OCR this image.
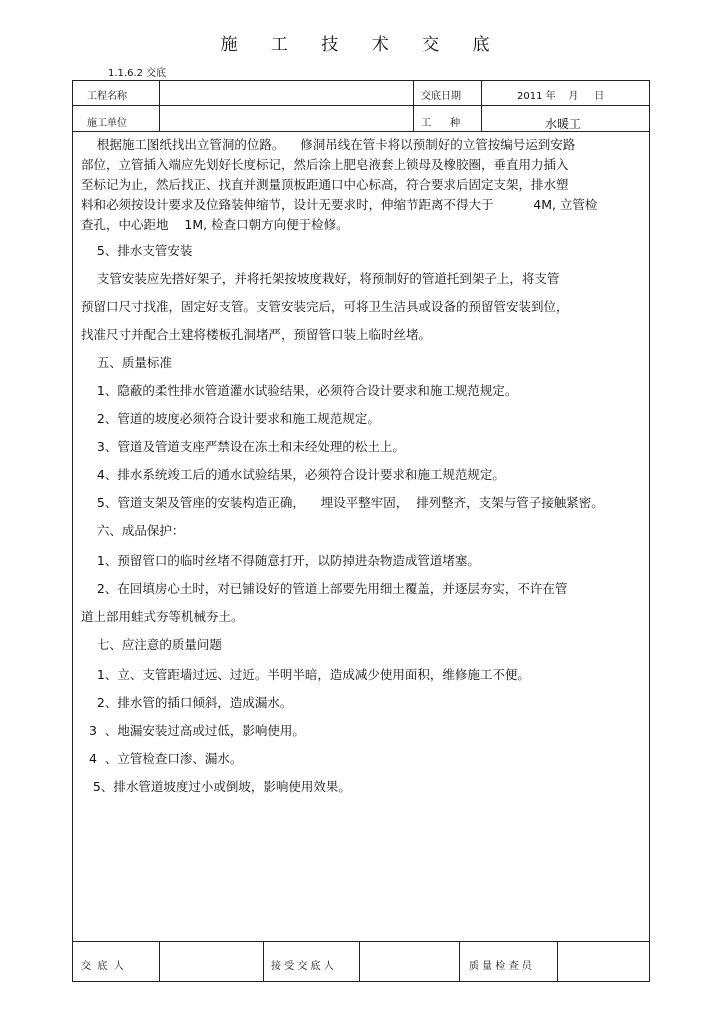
施 工 技 术 交 底
1.1.6.2 交底
工程名称	交底日期	2011 年    月     日
施工单位	工      种	水暖工
根据施工图纸找出立管洞的位路。    修洞吊线在管卡将以预制好的立管按编号运到安路
部位，立管插入端应先划好长度标记，然后涂上肥皂液套上锁母及橡胶圈，垂直用力插入
至标记为止，然后找正、找直并测量顶板距通口中心标高，符合要求后固定支架，排水塑
料和必须按设计要求及位臵装伸缩节，设计无要求时，伸缩节距离不得大于          4M, 立管检
查孔，中心距地    1M, 检查口朝方向便于检修。
5、排水支管安装
支管安装应先搭好架子，并将托架按坡度栽好，将预制好的管道托到架子上，将支管
预留口尺寸找准，固定好支管。支管安装完后，可将卫生洁具或设备的预留管安装到位，
找准尺寸并配合土建将楼板孔洞堵严，预留管口装上临时丝堵。
五、质量标准
1、隐蔽的柔性排水管道灌水试验结果，必须符合设计要求和施工规范规定。
2、管道的坡度必须符合设计要求和施工规范规定。
3、管道及管道支座严禁设在冻土和未经处理的松土上。
4、排水系统竣工后的通水试验结果，必须符合设计要求和施工规范规定。
5、管道支架及管座的安装构造正确，    埋设平整牢固，  排列整齐，支架与管子接触紧密。
六、成品保护：
1、预留管口的临时丝堵不得随意打开，以防掉进杂物造成管道堵塞。
2、在回填房心土时，对已铺设好的管道上部要先用细土覆盖，并逐层夯实，不许在管
道上部用蛙式夯等机械夯土。
七、应注意的质量问题
1、立、支管距墙过远、过近。半明半暗，造成减少使用面积，维修施工不便。
2、排水管的插口倾斜，造成漏水。
3  、地漏安装过高或过低，影响使用。
4  、立管检查口渗、漏水。
5、排水管道坡度过小或倒坡，影响使用效果。
交  底  人	接 受 交 底 人	质 量 检 查 员
